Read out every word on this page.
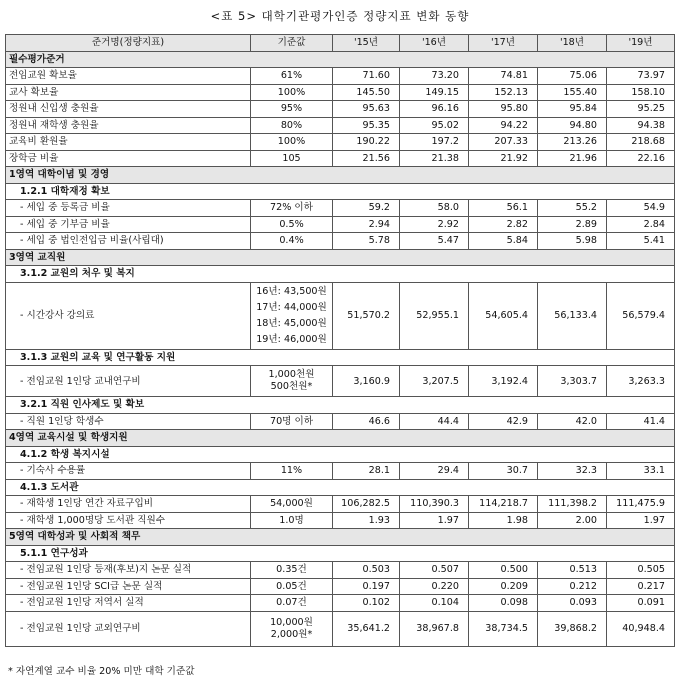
<표 5> 대학기관평가인증 정량지표 변화 동향
준거명(정량지표)	기준값	'15년	'16년	'17년	'18년	'19년
필수평가준거						
전임교원 확보율	61%	71.60	73.20	74.81	75.06	73.97
교사 확보율	100%	145.50	149.15	152.13	155.40	158.10
정원내 신입생 충원율	95%	95.63	96.16	95.80	95.84	95.25
정원내 재학생 충원율	80%	95.35	95.02	94.22	94.80	94.38
교육비 환원율	100%	190.22	197.2	207.33	213.26	218.68
장학금 비율	105	21.56	21.38	21.92	21.96	22.16
1영역 대학이념 및 경영						
1.2.1 대학재정 확보						
- 세입 중 등록금 비율	72% 이하	59.2	58.0	56.1	55.2	54.9
- 세입 중 기부금 비율	0.5%	2.94	2.92	2.82	2.89	2.84
- 세입 중 법인전입금 비율(사립대)	0.4%	5.78	5.47	5.84	5.98	5.41
3영역 교직원						
3.1.2 교원의 처우 및 복지						
- 시간강사 강의료	16년: 43,500원
17년: 44,000원
18년: 45,000원
19년: 46,000원	51,570.2	52,955.1	54,605.4	56,133.4	56,579.4
3.1.3 교원의 교육 및 연구활동 지원						
- 전임교원 1인당 교내연구비	1,000천원
500천원*	3,160.9	3,207.5	3,192.4	3,303.7	3,263.3
3.2.1 직원 인사제도 및 확보						
- 직원 1인당 학생수	70명 이하	46.6	44.4	42.9	42.0	41.4
4영역 교육시설 및 학생지원						
4.1.2 학생 복지시설						
- 기숙사 수용률	11%	28.1	29.4	30.7	32.3	33.1
4.1.3 도서관						
- 재학생 1인당 연간 자료구입비	54,000원	106,282.5	110,390.3	114,218.7	111,398.2	111,475.9
- 재학생 1,000명당 도서관 직원수	1.0명	1.93	1.97	1.98	2.00	1.97
5영역 대학성과 및 사회적 책무						
5.1.1 연구성과						
- 전임교원 1인당 등재(후보)지 논문 실적	0.35건	0.503	0.507	0.500	0.513	0.505
- 전임교원 1인당 SCI급 논문 실적	0.05건	0.197	0.220	0.209	0.212	0.217
- 전임교원 1인당 저역서 실적	0.07건	0.102	0.104	0.098	0.093	0.091
- 전임교원 1인당 교외연구비	10,000원
2,000원*	35,641.2	38,967.8	38,734.5	39,868.2	40,948.4
* 자연계열 교수 비율 20% 미만 대학 기준값
